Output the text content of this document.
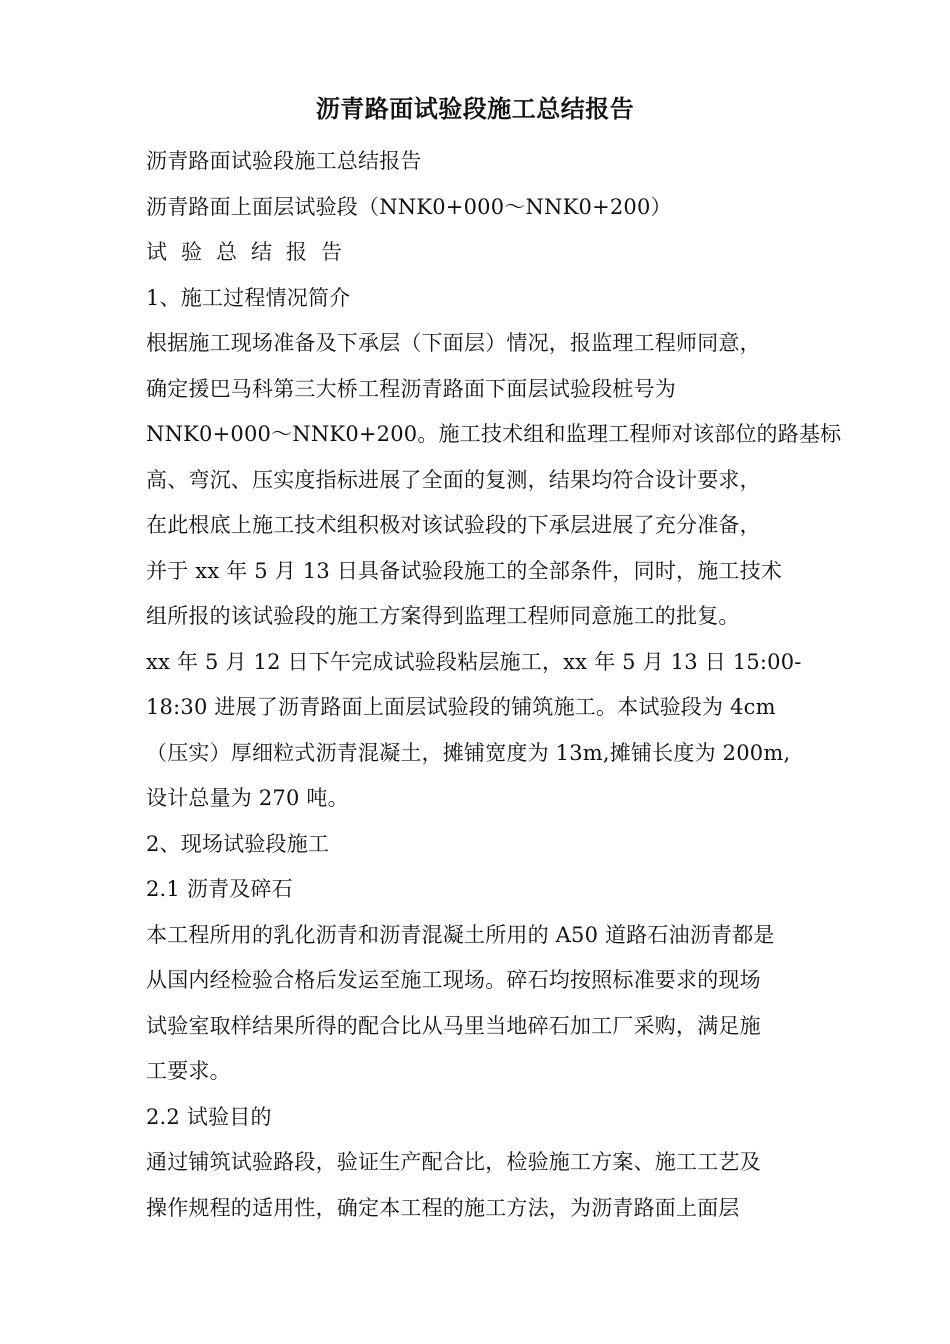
沥青路面试验段施工总结报告
沥青路面试验段施工总结报告
沥青路面上面层试验段（NNK0+000～NNK0+200）
试验总结报告
1、施工过程情况简介
根据施工现场准备及下承层（下面层）情况，报监理工程师同意，
确定援巴马科第三大桥工程沥青路面下面层试验段桩号为
NNK0+000～NNK0+200。施工技术组和监理工程师对该部位的路基标
高、弯沉、压实度指标进展了全面的复测，结果均符合设计要求，
在此根底上施工技术组积极对该试验段的下承层进展了充分准备，
并于 xx 年 5 月 13 日具备试验段施工的全部条件，同时，施工技术
组所报的该试验段的施工方案得到监理工程师同意施工的批复。
xx 年 5 月 12 日下午完成试验段粘层施工，xx 年 5 月 13 日 15:00-
18:30 进展了沥青路面上面层试验段的铺筑施工。本试验段为 4cm
（压实）厚细粒式沥青混凝土，摊铺宽度为 13m,摊铺长度为 200m,
设计总量为 270 吨。
2、现场试验段施工
2.1 沥青及碎石
本工程所用的乳化沥青和沥青混凝土所用的 A50 道路石油沥青都是
从国内经检验合格后发运至施工现场。碎石均按照标准要求的现场
试验室取样结果所得的配合比从马里当地碎石加工厂采购，满足施
工要求。
2.2 试验目的
通过铺筑试验路段，验证生产配合比，检验施工方案、施工工艺及
操作规程的适用性，确定本工程的施工方法，为沥青路面上面层
